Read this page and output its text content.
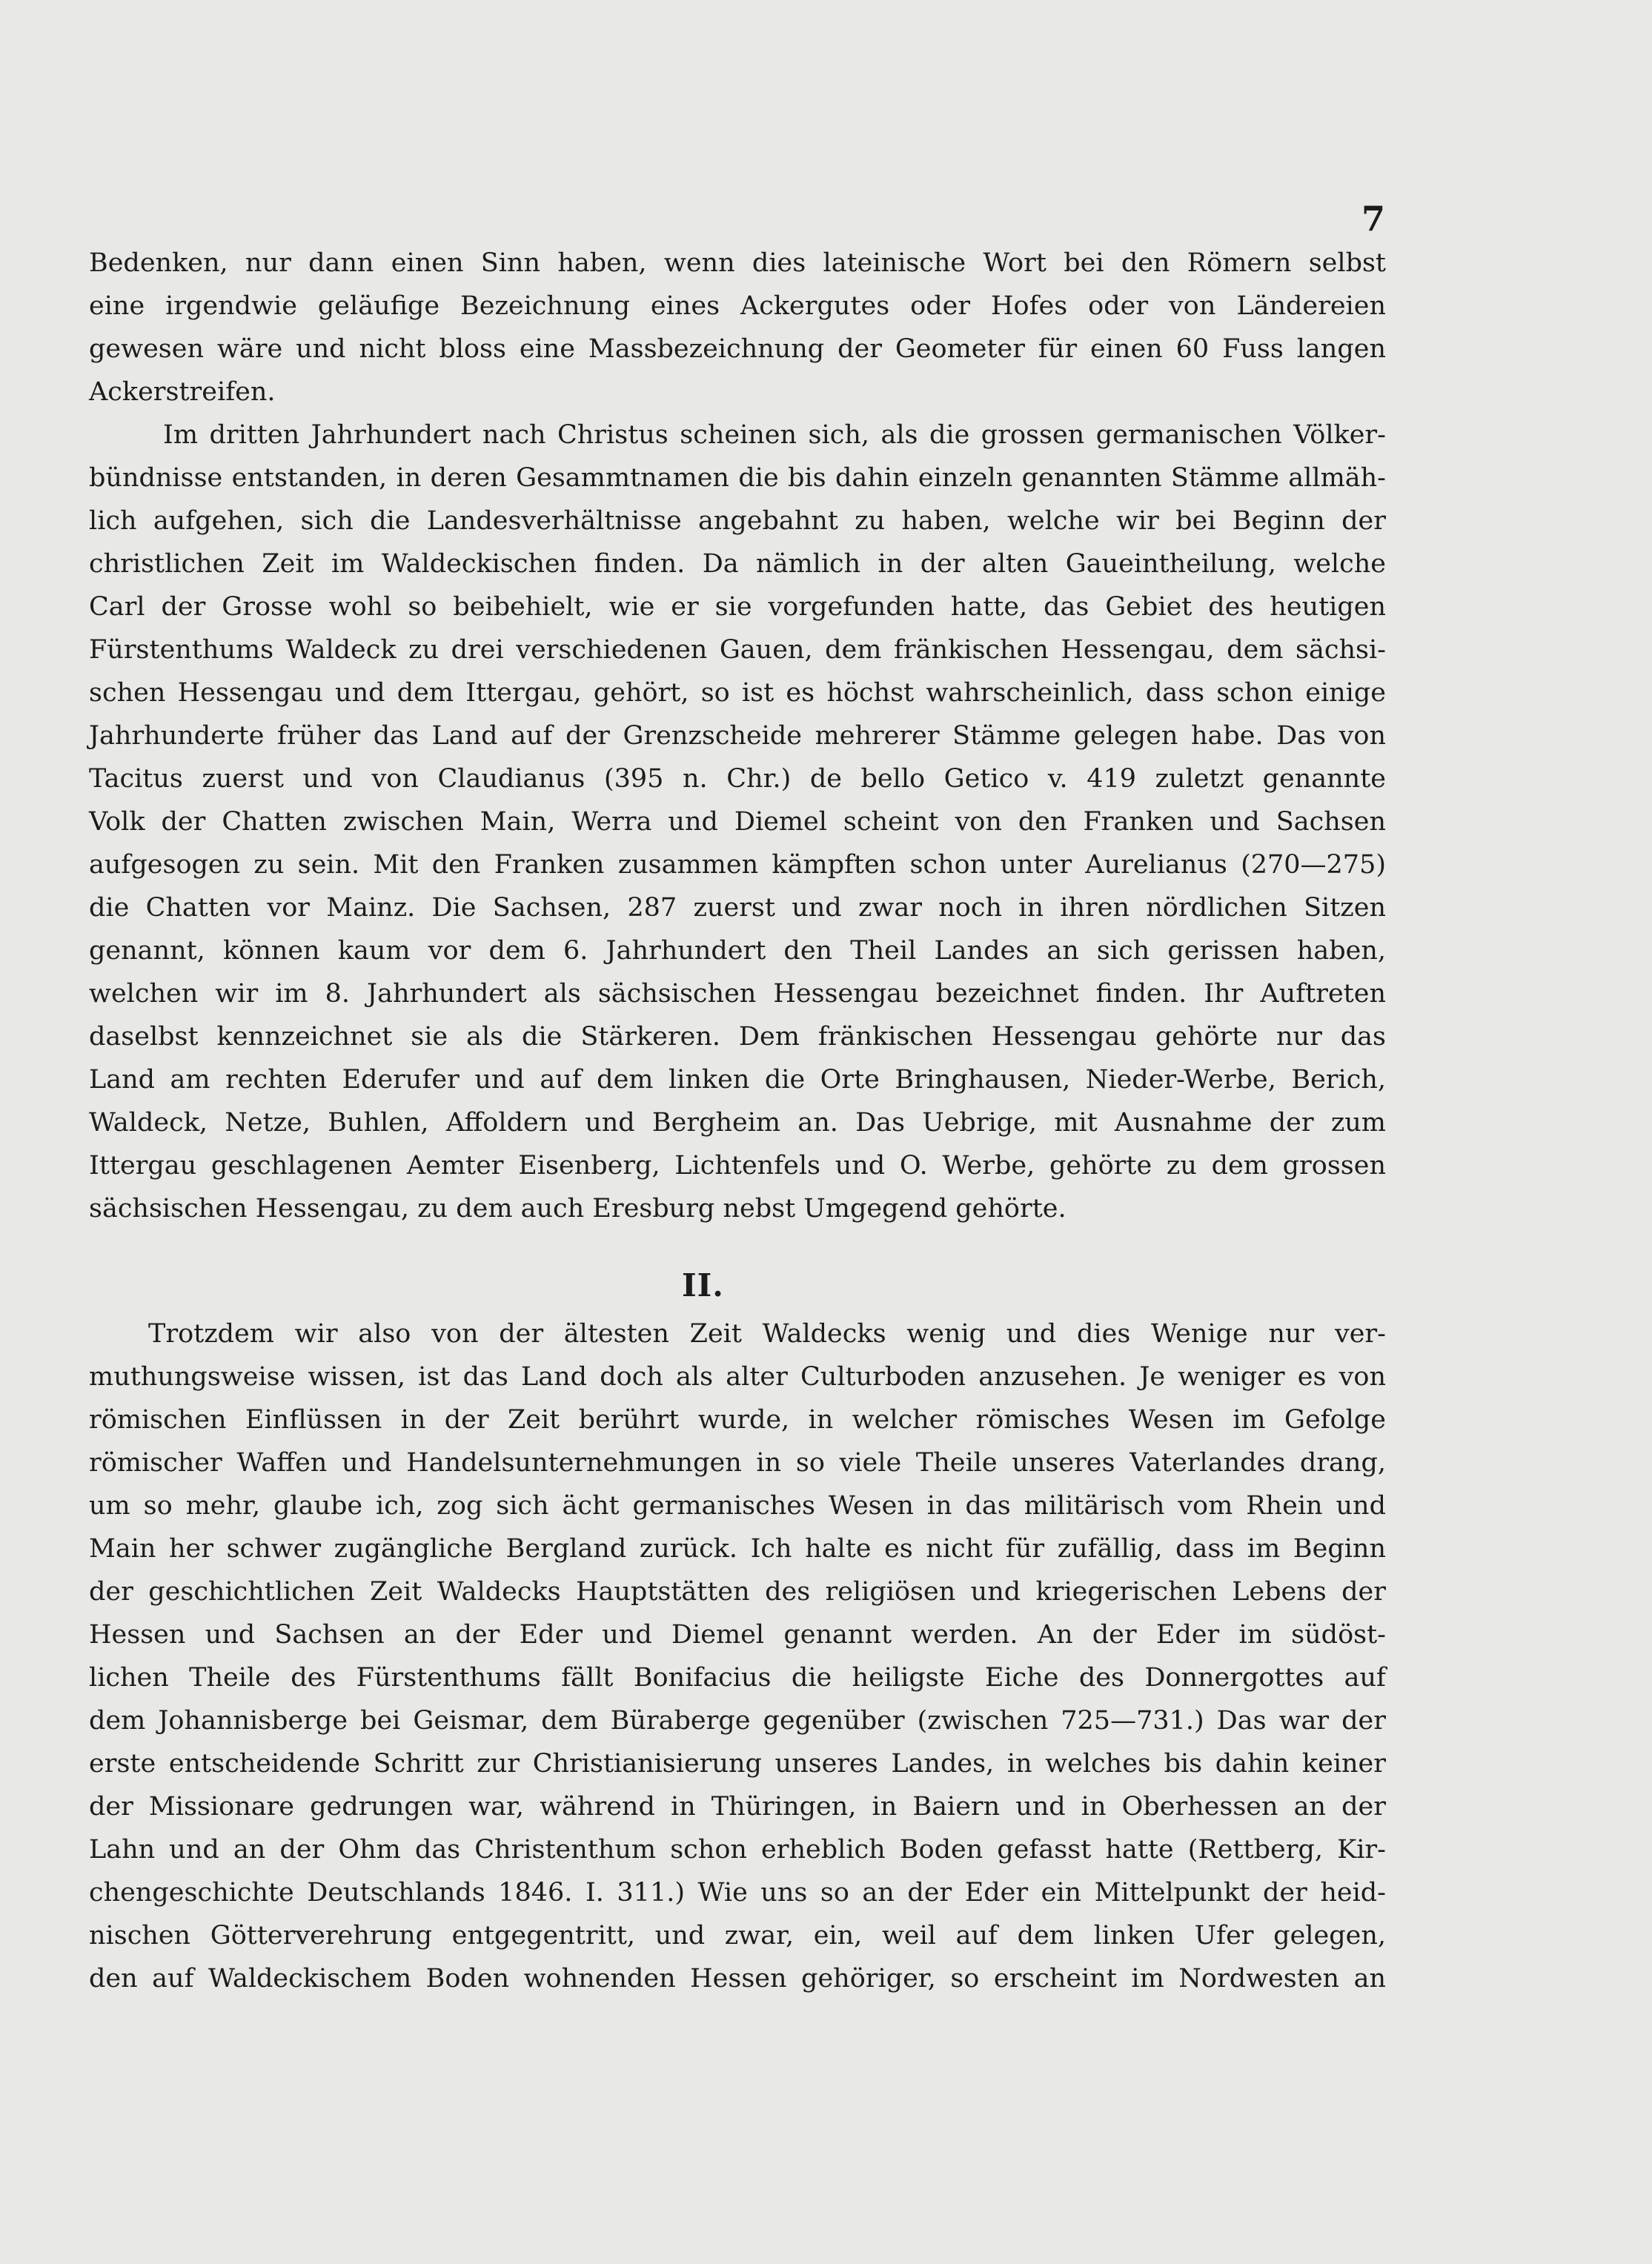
7
Bedenken, nur dann einen Sinn haben, wenn dies lateinische Wort bei den Römern selbst
eine irgendwie geläufige Bezeichnung eines Ackergutes oder Hofes oder von Ländereien
gewesen wäre und nicht bloss eine Massbezeichnung der Geometer für einen 60 Fuss langen
Ackerstreifen.
Im dritten Jahrhundert nach Christus scheinen sich, als die grossen germanischen Völker-
bündnisse entstanden, in deren Gesammtnamen die bis dahin einzeln genannten Stämme allmäh-
lich aufgehen, sich die Landesverhältnisse angebahnt zu haben, welche wir bei Beginn der
christlichen Zeit im Waldeckischen finden. Da nämlich in der alten Gaueintheilung, welche
Carl der Grosse wohl so beibehielt, wie er sie vorgefunden hatte, das Gebiet des heutigen
Fürstenthums Waldeck zu drei verschiedenen Gauen, dem fränkischen Hessengau, dem sächsi-
schen Hessengau und dem Ittergau, gehört, so ist es höchst wahrscheinlich, dass schon einige
Jahrhunderte früher das Land auf der Grenzscheide mehrerer Stämme gelegen habe. Das von
Tacitus zuerst und von Claudianus (395 n. Chr.) de bello Getico v. 419 zuletzt genannte
Volk der Chatten zwischen Main, Werra und Diemel scheint von den Franken und Sachsen
aufgesogen zu sein. Mit den Franken zusammen kämpften schon unter Aurelianus (270—275)
die Chatten vor Mainz. Die Sachsen, 287 zuerst und zwar noch in ihren nördlichen Sitzen
genannt, können kaum vor dem 6. Jahrhundert den Theil Landes an sich gerissen haben,
welchen wir im 8. Jahrhundert als sächsischen Hessengau bezeichnet finden. Ihr Auftreten
daselbst kennzeichnet sie als die Stärkeren. Dem fränkischen Hessengau gehörte nur das
Land am rechten Ederufer und auf dem linken die Orte Bringhausen, Nieder-Werbe, Berich,
Waldeck, Netze, Buhlen, Affoldern und Bergheim an. Das Uebrige, mit Ausnahme der zum
Ittergau geschlagenen Aemter Eisenberg, Lichtenfels und O. Werbe, gehörte zu dem grossen
sächsischen Hessengau, zu dem auch Eresburg nebst Umgegend gehörte.
II.
Trotzdem wir also von der ältesten Zeit Waldecks wenig und dies Wenige nur ver-
muthungsweise wissen, ist das Land doch als alter Culturboden anzusehen. Je weniger es von
römischen Einflüssen in der Zeit berührt wurde, in welcher römisches Wesen im Gefolge
römischer Waffen und Handelsunternehmungen in so viele Theile unseres Vaterlandes drang,
um so mehr, glaube ich, zog sich ächt germanisches Wesen in das militärisch vom Rhein und
Main her schwer zugängliche Bergland zurück. Ich halte es nicht für zufällig, dass im Beginn
der geschichtlichen Zeit Waldecks Hauptstätten des religiösen und kriegerischen Lebens der
Hessen und Sachsen an der Eder und Diemel genannt werden. An der Eder im südöst-
lichen Theile des Fürstenthums fällt Bonifacius die heiligste Eiche des Donnergottes auf
dem Johannisberge bei Geismar, dem Büraberge gegenüber (zwischen 725—731.) Das war der
erste entscheidende Schritt zur Christianisierung unseres Landes, in welches bis dahin keiner
der Missionare gedrungen war, während in Thüringen, in Baiern und in Oberhessen an der
Lahn und an der Ohm das Christenthum schon erheblich Boden gefasst hatte (Rettberg, Kir-
chengeschichte Deutschlands 1846. I. 311.) Wie uns so an der Eder ein Mittelpunkt der heid-
nischen Götterverehrung entgegentritt, und zwar, ein, weil auf dem linken Ufer gelegen,
den auf Waldeckischem Boden wohnenden Hessen gehöriger, so erscheint im Nordwesten an
